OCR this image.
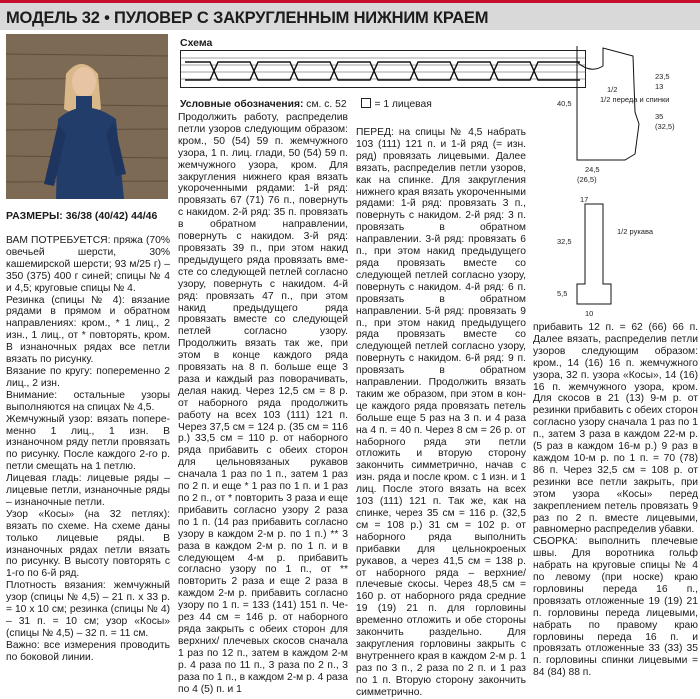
МОДЕЛЬ 32 • ПУЛОВЕР С ЗАКРУГЛЕННЫМ НИЖНИМ КРАЕМ
РАЗМЕРЫ: 36/38 (40/42) 44/46
Схема
Условные обозначения: см. с. 52	= 1 лицевая
1/2
1/2 переда и спинки
23,5
13
40,5
35
(32,5)
24,5
(26,5)
17
1/2 рукава
32,5
5,5
10

ВАМ ПОТРЕБУЕТСЯ: пряжа (70% овечьей шерсти, 30% кашемирской шерсти; 93 м/25 г) – 350 (375) 400 г синей; спицы № 4 и 4,5; круговые спицы № 4.

Резинка (спицы № 4): вязание рядами в прямом и обратном направлениях: кром., * 1 лиц., 2 изн., 1 лиц., от * повторять, кром. В изнаночных рядах все петли вязать по рисунку.

Вязание по кругу: попеременно 2 лиц., 2 изн.

Внимание: остальные узоры выполняются на спицах № 4,5.

Жемчужный узор: вязать попеременно 1 лиц., 1 изн. В изнаночном ряду петли провязать по рисунку. После каждого 2-го р. петли смещать на 1 петлю.

Лицевая гладь: лицевые ряды – лицевые петли, изнаночные ряды – изнаночные петли.

Узор «Косы» (на 32 петлях): вязать по схеме. На схеме даны только лицевые ряды. В изнаночных рядах петли вязать по рисунку. В высоту повторять с 1-го по 6-й ряд.

Плотность вязания: жемчужный узор (спицы № 4,5) – 21 п. х 33 р. = 10 х 10 см; резинка (спицы № 4) – 31 п. = 10 см; узор «Косы» (спицы № 4,5) – 32 п. = 11 см.

Важно: все измерения проводить по боковой линии.

Продолжить работу, распределив петли узоров следующим образом: кром., 50 (54) 59 п. жемчужного узора, 1 п. лиц. глади, 50 (54) 59 п. жемчужного узора, кром. Для закругления нижнего края вязать укороченными рядами: 1-й ряд: провязать 67 (71) 76 п., повернуть с накидом. 2-й ряд: 35 п. провязать в обратном направлении, повернуть с накидом. 3-й ряд: провязать 39 п., при этом накид предыдущего ряда провязать вместе со следующей петлей согласно узору, повернуть с накидом. 4-й ряд: провязать 47 п., при этом накид предыдущего ряда провязать вместе со следующей петлей согласно узору. Продолжить вязать так же, при этом в конце каждого ряда провязать на 8 п. больше еще 3 раза и каждый раз поворачивать, делая накид. Через 12,5 см = 8 р. от наборного ряда продолжить работу на всех 103 (111) 121 п. Через 37,5 см = 124 р. (35 см = 116 р.) 33,5 см = 110 р. от наборного ряда прибавить с обеих сторон для цельновязаных рукавов сначала 1 раз по 1 п., затем 1 раз по 2 п. и еще * 1 раз по 1 п. и 1 раз по 2 п., от * повторить 3 раза и еще прибавить согласно узору 2 раза по 1 п. (14 раз прибавить согласно узору в каждом 2-м р. по 1 п.) ** 3 раза в каждом 2-м р. по 1 п. и в следующем 4-м р. прибавить согласно узору по 1 п., от ** повторить 2 раза и еще 2 раза в каждом 2-м р. прибавить согласно узору по 1 п. = 133 (141) 151 п. Через 44 см = 146 р. от наборного ряда закрыть с обеих сторон для верхних/ плечевых скосов сначала 1 раз по 12 п., затем в каждом 2-м р. 4 раза по 11 п., 3 раза по 2 п., 3 раза по 1 п., в каждом 2-м р. 4 раза по 4 (5) п. и 1

ПЕРЕД: на спицы № 4,5 набрать 103 (111) 121 п. и 1-й ряд (= изн. ряд) провязать лицевыми. Далее вязать, распределив петли узоров, как на спинке. Для закругления нижнего края вязать укороченными рядами: 1-й ряд: провязать 3 п., повернуть с накидом. 2-й ряд: 3 п. провязать в обратном направлении. 3-й ряд: провязать 6 п., при этом накид предыдущего ряда провязать вместе со следующей петлей согласно узору, повернуть с накидом. 4-й ряд: 6 п. провязать в обратном направлении. 5-й ряд: провязать 9 п., при этом накид предыдущего ряда провязать вместе со следующей петлей согласно узору, повернуть с накидом. 6-й ряд: 9 п. провязать в обратном направлении. Продолжить вязать таким же образом, при этом в конце каждого ряда провязать петель больше еще 5 раз на 3 п. и 4 раза на 4 п. = 40 п. Через 8 см = 26 р. от наборного ряда эти петли отложить и вторую сторону закончить симметрично, начав с изн. ряда и после кром. с 1 изн. и 1 лиц. После этого вязать на всех 103 (111) 121 п. Так же, как на спинке, через 35 см = 116 р. (32,5 см = 108 р.) 31 см = 102 р. от наборного ряда выполнить прибавки для цельнокроеных рукавов, а через 41,5 см = 138 р. от наборного ряда – верхние/плечевые скосы. Через 48,5 см = 160 р. от наборного ряда средние 19 (19) 21 п. для горловины временно отложить и обе стороны закончить раздельно. Для закругления горловины закрыть с внутреннего края в каждом 2-м р. 1 раз по 3 п., 2 раза по 2 п. и 1 раз по 1 п. Вторую сторону закончить симметрично.

прибавить 12 п. = 62 (66) 66 п. Далее вязать, распределив петли узоров следующим образом: кром., 14 (16) 16 п. жемчужного узора, 32 п. узора «Косы», 14 (16) 16 п. жемчужного узора, кром. Для скосов в 21 (13) 9-м р. от резинки прибавить с обеих сторон согласно узору сначала 1 раз по 1 п., затем 3 раза в каждом 22-м р. (5 раз в каждом 16-м р.) 9 раз в каждом 10-м р. по 1 п. = 70 (78) 86 п. Через 32,5 см = 108 р. от резинки все петли закрыть, при этом узора «Косы» перед закреплением петель провязать 9 раз по 2 п. вместе лицевыми, равномерно распределив убавки.

СБОРКА: выполнить плечевые швы. Для воротника гольф набрать на круговые спицы № 4 по левому (при носке) краю горловины переда 16 п., провязать отложенные 19 (19) 21 п. горловины переда лицевыми, набрать по правому краю горловины переда 16 п. и провязать отложенные 33 (33) 35 п. горловины спинки лицевыми = 84 (84) 88 п.
